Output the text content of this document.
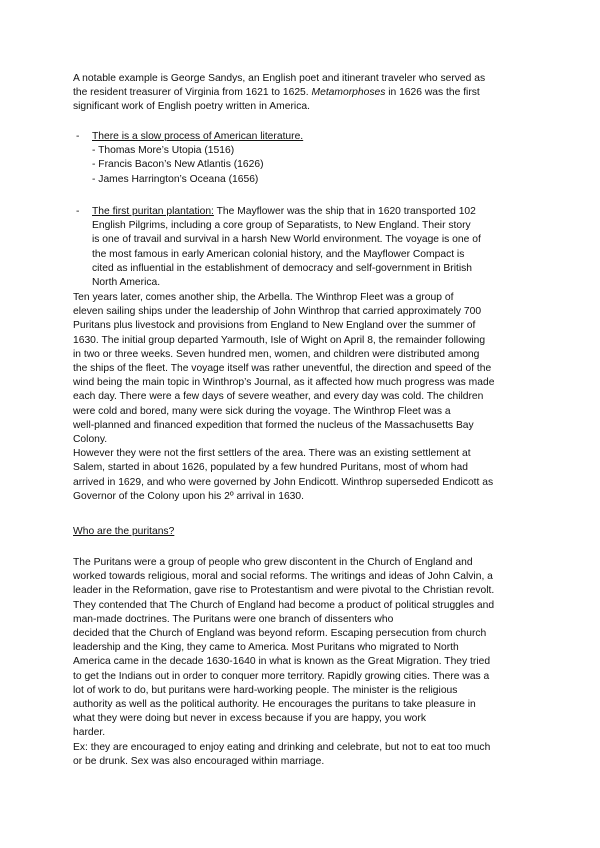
A notable example is George Sandys, an English poet and itinerant traveler who served as
the resident treasurer of Virginia from 1621 to 1625. Metamorphoses in 1626 was the first
significant work of English poetry written in America.
- There is a slow process of American literature.
- Thomas More’s Utopia (1516)
- Francis Bacon’s New Atlantis (1626)
- James Harrington’s Oceana (1656)
- The first puritan plantation: The Mayflower was the ship that in 1620 transported 102
English Pilgrims, including a core group of Separatists, to New England. Their story
is one of travail and survival in a harsh New World environment. The voyage is one of
the most famous in early American colonial history, and the Mayflower Compact is
cited as influential in the establishment of democracy and self-government in British
North America.
Ten years later, comes another ship, the Arbella. The Winthrop Fleet was a group of
eleven sailing ships under the leadership of John Winthrop that carried approximately 700
Puritans plus livestock and provisions from England to New England over the summer of
1630. The initial group departed Yarmouth, Isle of Wight on April 8, the remainder following
in two or three weeks. Seven hundred men, women, and children were distributed among
the ships of the fleet. The voyage itself was rather uneventful, the direction and speed of the
wind being the main topic in Winthrop’s Journal, as it affected how much progress was made
each day. There were a few days of severe weather, and every day was cold. The children
were cold and bored, many were sick during the voyage. The Winthrop Fleet was a
well-planned and financed expedition that formed the nucleus of the Massachusetts Bay
Colony.
However they were not the first settlers of the area. There was an existing settlement at
Salem, started in about 1626, populated by a few hundred Puritans, most of whom had
arrived in 1629, and who were governed by John Endicott. Winthrop superseded Endicott as
Governor of the Colony upon his 2º arrival in 1630.
Who are the puritans?
The Puritans were a group of people who grew discontent in the Church of England and
worked towards religious, moral and social reforms. The writings and ideas of John Calvin, a
leader in the Reformation, gave rise to Protestantism and were pivotal to the Christian revolt.
They contended that The Church of England had become a product of political struggles and
man-made doctrines. The Puritans were one branch of dissenters who
decided that the Church of England was beyond reform. Escaping persecution from church
leadership and the King, they came to America. Most Puritans who migrated to North
America came in the decade 1630-1640 in what is known as the Great Migration. They tried
to get the Indians out in order to conquer more territory. Rapidly growing cities. There was a
lot of work to do, but puritans were hard-working people. The minister is the religious
authority as well as the political authority. He encourages the puritans to take pleasure in
what they were doing but never in excess because if you are happy, you work
harder.
Ex: they are encouraged to enjoy eating and drinking and celebrate, but not to eat too much
or be drunk. Sex was also encouraged within marriage.
